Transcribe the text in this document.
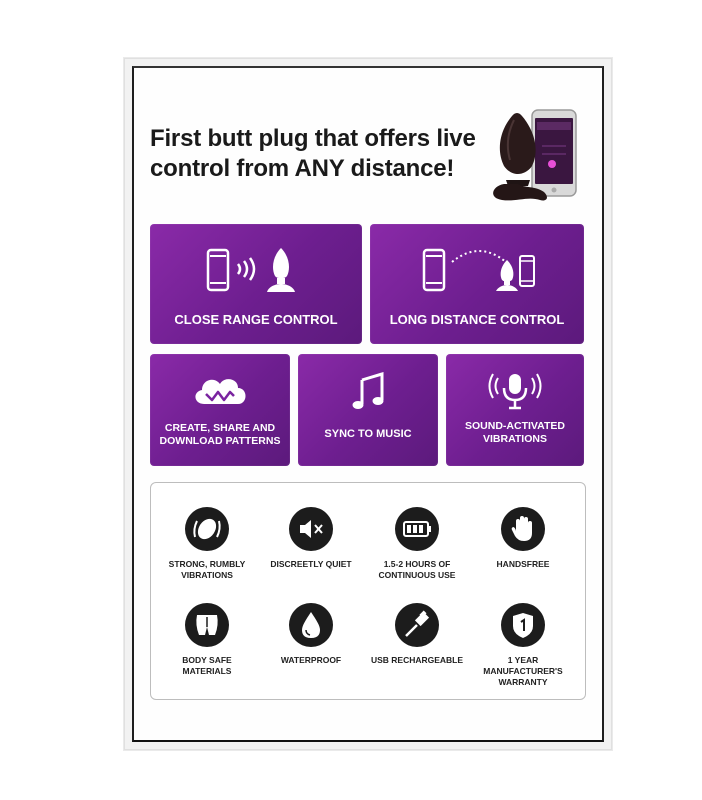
First butt plug that offers live
control from ANY distance!
CLOSE RANGE CONTROL	LONG DISTANCE CONTROL
CREATE, SHARE AND
DOWNLOAD PATTERNS
SYNC TO MUSIC
SOUND-ACTIVATED
VIBRATIONS
STRONG, RUMBLY
VIBRATIONS
DISCREETLY QUIET	1.5-2 HOURS OF
CONTINUOUS USE
HANDSFREE
BODY SAFE MATERIALS
WATERPROOF	USB RECHARGEABLE	1 YEAR MANUFACTURER'S
WARRANTY
